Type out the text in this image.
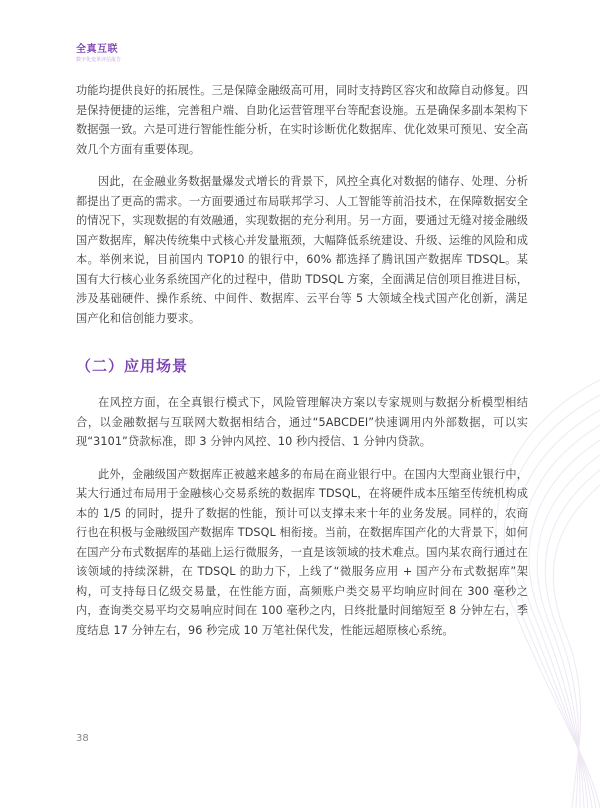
全真互联
数字化变革评估报告

功能均提供良好的拓展性。三是保障金融级高可用，同时支持跨区容灾和故障自动修复。四是保持便捷的运维，完善租户端、自助化运营管理平台等配套设施。五是确保多副本架构下数据强一致。六是可进行智能性能分析，在实时诊断优化数据库、优化效果可预见、安全高效几个方面有重要体现。

因此，在金融业务数据量爆发式增长的背景下，风控全真化对数据的储存、处理、分析都提出了更高的需求。一方面要通过布局联邦学习、人工智能等前沿技术，在保障数据安全的情况下，实现数据的有效融通，实现数据的充分利用。另一方面，要通过无缝对接金融级国产数据库，解决传统集中式核心并发量瓶颈，大幅降低系统建设、升级、运维的风险和成本。举例来说，目前国内 TOP10 的银行中，60% 都选择了腾讯国产数据库 TDSQL。某国有大行核心业务系统国产化的过程中，借助 TDSQL 方案，全面满足信创项目推进目标，涉及基础硬件、操作系统、中间件、数据库、云平台等 5 大领域全栈式国产化创新，满足国产化和信创能力要求。

（二）应用场景

在风控方面，在全真银行模式下，风险管理解决方案以专家规则与数据分析模型相结合，以金融数据与互联网大数据相结合，通过“5ABCDEI”快速调用内外部数据，可以实现“3101”贷款标准，即 3 分钟内风控、10 秒内授信、1 分钟内贷款。

此外，金融级国产数据库正被越来越多的布局在商业银行中。在国内大型商业银行中，某大行通过布局用于金融核心交易系统的数据库 TDSQL，在将硬件成本压缩至传统机构成本的 1/5 的同时，提升了数据的性能，预计可以支撑未来十年的业务发展。同样的，农商行也在积极与金融级国产数据库 TDSQL 相衔接。当前，在数据库国产化的大背景下，如何在国产分布式数据库的基础上运行微服务，一直是该领域的技术难点。国内某农商行通过在该领域的持续深耕，在 TDSQL 的助力下，上线了“微服务应用 + 国产分布式数据库”架构，可支持每日亿级交易量，在性能方面，高频账户类交易平均响应时间在 300 毫秒之内，查询类交易平均交易响应时间在 100 毫秒之内，日终批量时间缩短至 8 分钟左右，季度结息 17 分钟左右，96 秒完成 10 万笔社保代发，性能远超原核心系统。

38
